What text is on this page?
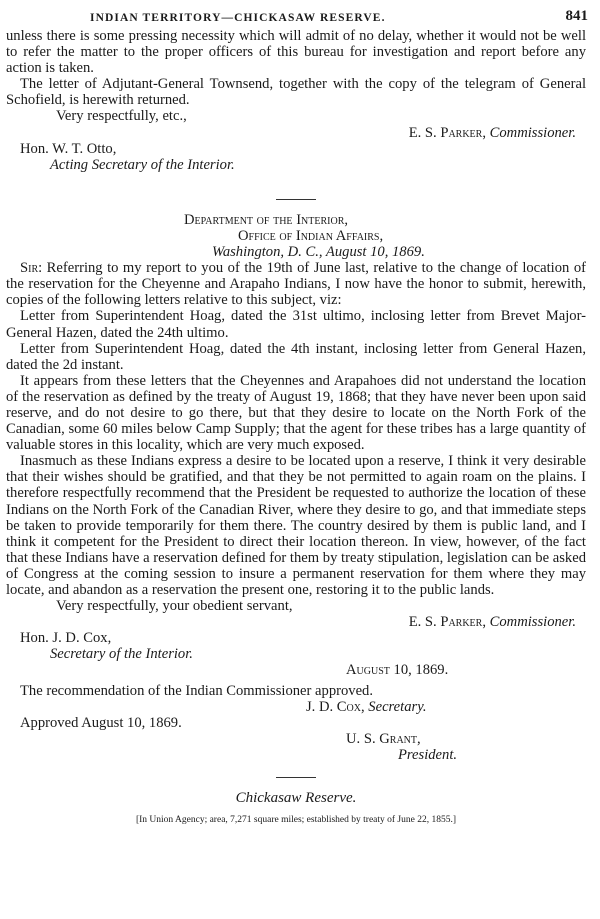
INDIAN TERRITORY—CHICKASAW RESERVE.	841

unless there is some pressing necessity which will admit of no delay, whether it would not be well to refer the matter to the proper officers of this bureau for investigation and report before any action is taken.

The letter of Adjutant-General Townsend, together with the copy of the telegram of General Schofield, is herewith returned.

Very respectfully, etc.,

E. S. Parker, Commissioner.

Hon. W. T. Otto,

Acting Secretary of the Interior.

Department of the Interior,

Office of Indian Affairs,

Washington, D. C., August 10, 1869.

Sir: Referring to my report to you of the 19th of June last, relative to the change of location of the reservation for the Cheyenne and Arapaho Indians, I now have the honor to submit, herewith, copies of the following letters relative to this subject, viz:

Letter from Superintendent Hoag, dated the 31st ultimo, inclosing letter from Brevet Major-General Hazen, dated the 24th ultimo.

Letter from Superintendent Hoag, dated the 4th instant, inclosing letter from General Hazen, dated the 2d instant.

It appears from these letters that the Cheyennes and Arapahoes did not understand the location of the reservation as defined by the treaty of August 19, 1868; that they have never been upon said reserve, and do not desire to go there, but that they desire to locate on the North Fork of the Canadian, some 60 miles below Camp Supply; that the agent for these tribes has a large quantity of valuable stores in this locality, which are very much exposed.

Inasmuch as these Indians express a desire to be located upon a reserve, I think it very desirable that their wishes should be gratified, and that they be not permitted to again roam on the plains. I therefore respectfully recommend that the President be requested to authorize the location of these Indians on the North Fork of the Canadian River, where they desire to go, and that immediate steps be taken to provide temporarily for them there. The country desired by them is public land, and I think it competent for the President to direct their location thereon. In view, however, of the fact that these Indians have a reservation defined for them by treaty stipulation, legislation can be asked of Congress at the coming session to insure a permanent reservation for them where they may locate, and abandon as a reservation the present one, restoring it to the public lands.

Very respectfully, your obedient servant,

E. S. Parker, Commissioner.

Hon. J. D. Cox,

Secretary of the Interior.

August 10, 1869.

The recommendation of the Indian Commissioner approved.

J. D. Cox, Secretary.

Approved August 10, 1869.

U. S. Grant,

President.

Chickasaw Reserve.

[In Union Agency; area, 7,271 square miles; established by treaty of June 22, 1855.]
